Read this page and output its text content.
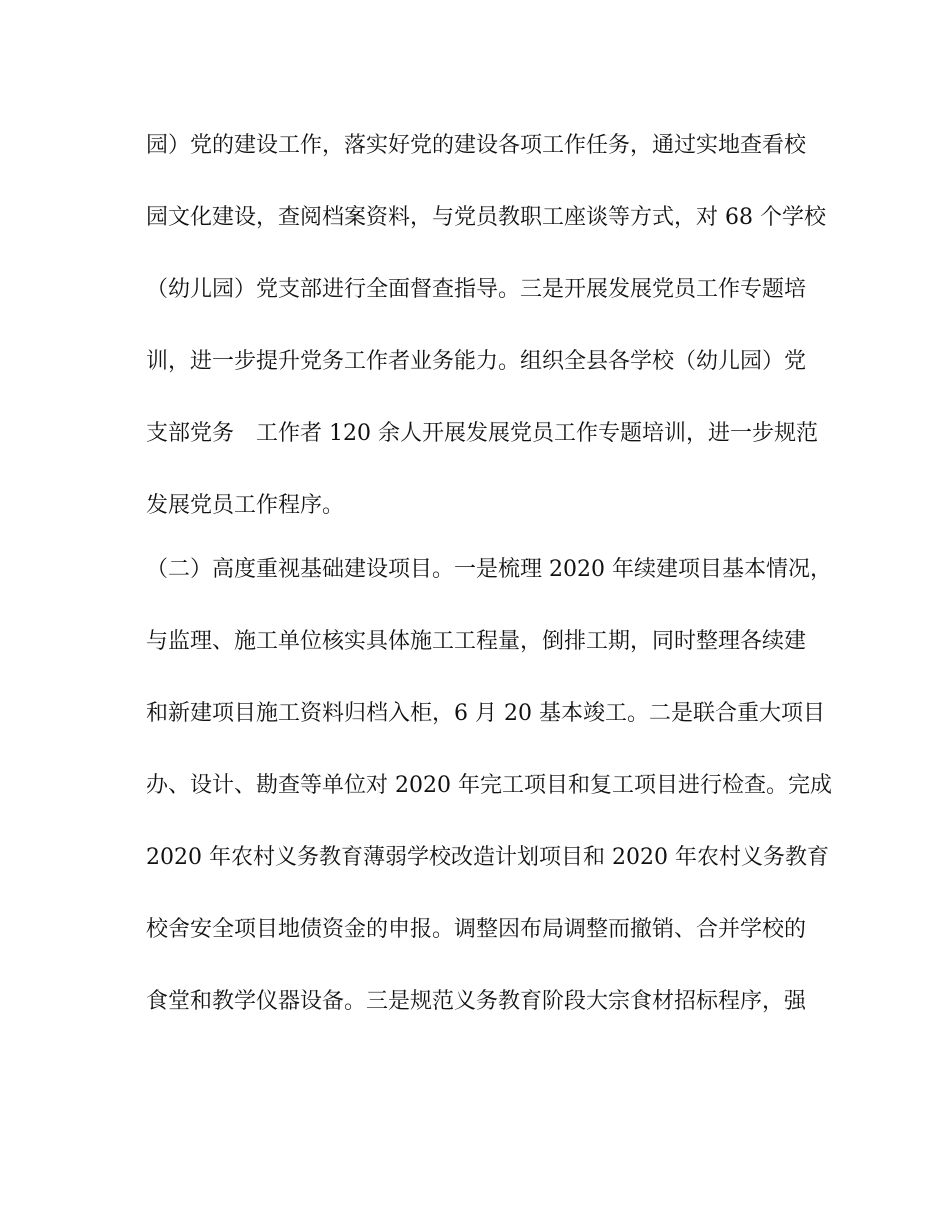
园）党的建设工作，落实好党的建设各项工作任务，通过实地查看校
园文化建设，查阅档案资料，与党员教职工座谈等方式，对 68 个学校
（幼儿园）党支部进行全面督查指导。三是开展发展党员工作专题培
训，进一步提升党务工作者业务能力。组织全县各学校（幼儿园）党
支部党务　工作者 120 余人开展发展党员工作专题培训，进一步规范
发展党员工作程序。
（二）高度重视基础建设项目。一是梳理 2020 年续建项目基本情况，
与监理、施工单位核实具体施工工程量，倒排工期，同时整理各续建
和新建项目施工资料归档入柜，6 月 20 基本竣工。二是联合重大项目
办、设计、勘查等单位对 2020 年完工项目和复工项目进行检查。完成
2020 年农村义务教育薄弱学校改造计划项目和 2020 年农村义务教育
校舍安全项目地债资金的申报。调整因布局调整而撤销、合并学校的
食堂和教学仪器设备。三是规范义务教育阶段大宗食材招标程序，强
